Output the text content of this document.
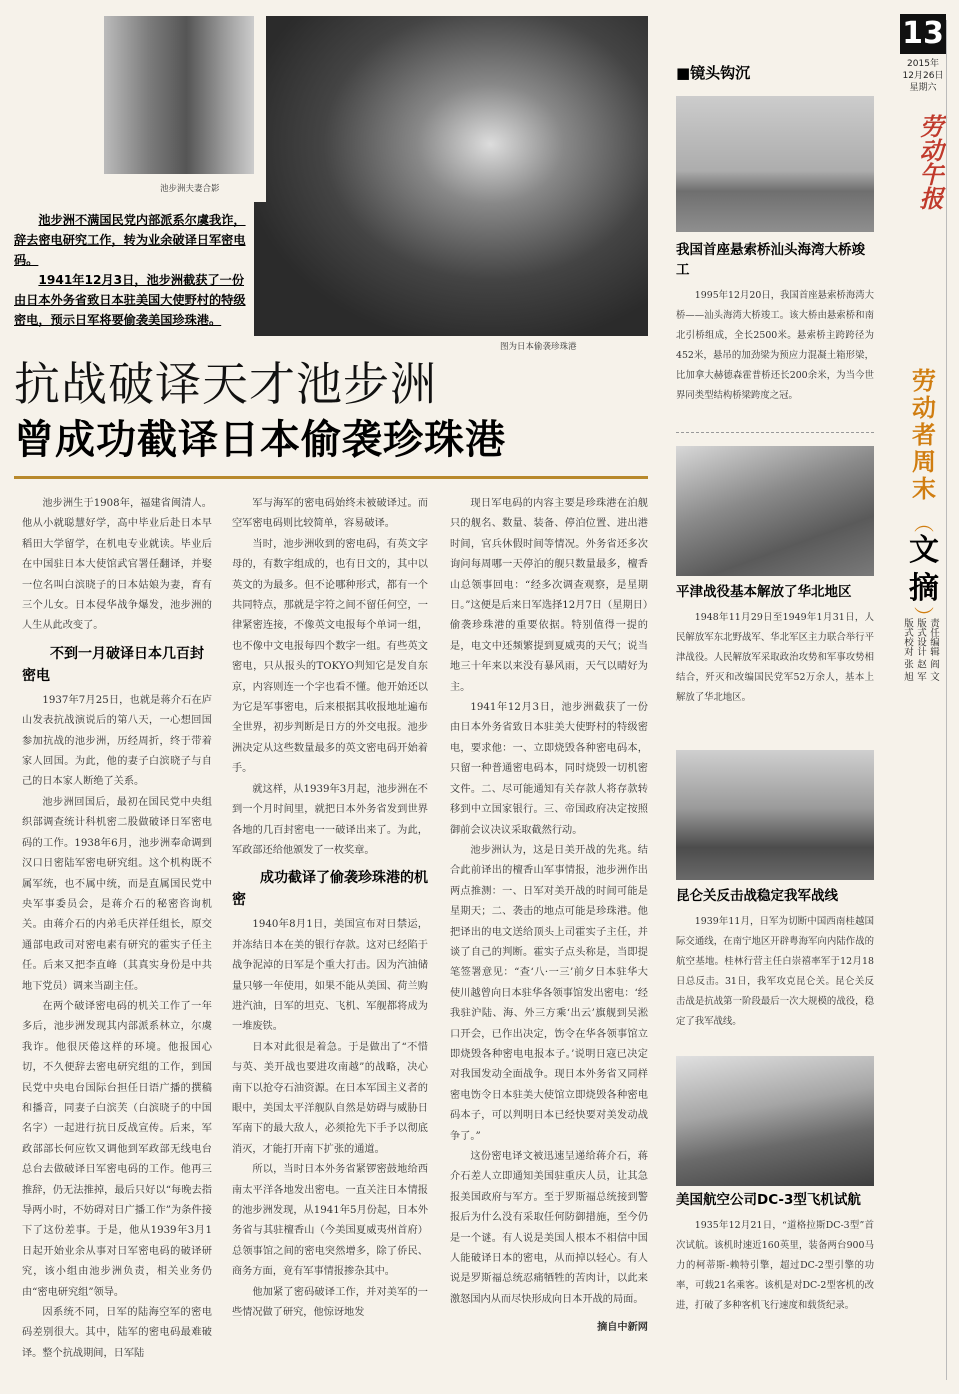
图为日本偷袭珍珠港
池步洲夫妻合影

池步洲不满国民党内部派系尔虞我诈，辞去密电研究工作，转为业余破译日军密电码。

1941年12月3日，池步洲截获了一份由日本外务省致日本驻美国大使野村的特级密电，预示日军将要偷袭美国珍珠港。

抗战破译天才池步洲
曾成功截译日本偷袭珍珠港

池步洲生于1908年，福建省闽清人。他从小就聪慧好学，高中毕业后赴日本早稻田大学留学，在机电专业就读。毕业后在中国驻日本大使馆武官署任翻译，并娶一位名叫白滨晓子的日本姑娘为妻，育有三个儿女。日本侵华战争爆发，池步洲的人生从此改变了。

不到一月破译日本几百封密电

1937年7月25日，也就是蒋介石在庐山发表抗战演说后的第八天，一心想回国参加抗战的池步洲，历经周折，终于带着家人回国。为此，他的妻子白滨晓子与自己的日本家人断绝了关系。

池步洲回国后，最初在国民党中央组织部调查统计科机密二股做破译日军密电码的工作。1938年6月，池步洲奉命调到汉口日密陆军密电研究组。这个机构既不属军统，也不属中统，而是直属国民党中央军事委员会，是蒋介石的秘密咨询机关。由蒋介石的内弟毛庆祥任组长，原交通部电政司对密电素有研究的霍实子任主任。后来又把李直峰（其真实身份是中共地下党员）调来当副主任。

在两个破译密电码的机关工作了一年多后，池步洲发现其内部派系林立，尔虞我诈。他很厌倦这样的环境。他报国心切，不久便辞去密电研究组的工作，到国民党中央电台国际台担任日语广播的撰稿和播音，同妻子白滨芙（白滨晓子的中国名字）一起进行抗日反战宣传。后来，军政部部长何应钦又调他到军政部无线电台总台去做破译日军密电码的工作。他再三推辞，仍无法推掉，最后只好以“每晚去指导两小时，不妨碍对日广播工作”为条件接下了这份差事。于是，他从1939年3月1日起开始业余从事对日军密电码的破译研究，该小组由池步洲负责，相关业务仍由“密电研究组”领导。

因系统不同，日军的陆海空军的密电码差别很大。其中，陆军的密电码最难破译。整个抗战期间，日军陆

军与海军的密电码始终未被破译过。而空军密电码则比较简单，容易破译。

当时，池步洲收到的密电码，有英文字母的，有数字组成的，也有日文的，其中以英文的为最多。但不论哪种形式，都有一个共同特点，那就是字符之间不留任何空，一律紧密连接，不像英文电报每个单词一组，也不像中文电报每四个数字一组。有些英文密电，只从报头的TOKYO判知它是发自东京，内容则连一个字也看不懂。他开始还以为它是军事密电，后来根据其收报地址遍布全世界，初步判断是日方的外交电报。池步洲决定从这些数量最多的英文密电码开始着手。

就这样，从1939年3月起，池步洲在不到一个月时间里，就把日本外务省发到世界各地的几百封密电一一破译出来了。为此，军政部还给他颁发了一枚奖章。

成功截译了偷袭珍珠港的机密

1940年8月1日，美国宣布对日禁运，并冻结日本在美的银行存款。这对已经陷于战争泥淖的日军是个重大打击。因为汽油储量只够一年使用，如果不能从美国、荷兰购进汽油，日军的坦克、飞机、军舰都将成为一堆废铁。

日本对此很是着急。于是做出了“不惜与英、美开战也要进攻南越”的战略，决心南下以抢夺石油资源。在日本军国主义者的眼中，美国太平洋舰队自然是妨碍与威胁日军南下的最大敌人，必须抢先下手予以彻底消灭，才能打开南下扩张的通道。

所以，当时日本外务省紧锣密鼓地给西南太平洋各地发出密电。一直关注日本情报的池步洲发现，从1941年5月份起，日本外务省与其驻檀香山（今美国夏威夷州首府）总领事馆之间的密电突然增多，除了侨民、商务方面，竟有军事情报掺杂其中。

他加紧了密码破译工作，并对美军的一些情况做了研究，他惊讶地发

现日军电码的内容主要是珍珠港在泊舰只的舰名、数量、装备、停泊位置、进出港时间，官兵休假时间等情况。外务省还多次询问每周哪一天停泊的舰只数量最多，檀香山总领事回电：“经多次调查观察，是星期日。”这便是后来日军选择12月7日（星期日）偷袭珍珠港的重要依据。特别值得一提的是，电文中还频繁提到夏威夷的天气；说当地三十年来以来没有暴风雨，天气以晴好为主。

1941年12月3日，池步洲截获了一份由日本外务省致日本驻美大使野村的特级密电，要求他：一、立即烧毁各种密电码本，只留一种普通密电码本，同时烧毁一切机密文件。二、尽可能通知有关存款人将存款转移到中立国家银行。三、帝国政府决定按照御前会议决议采取截然行动。

池步洲认为，这是日美开战的先兆。结合此前译出的檀香山军事情报，池步洲作出两点推测：一、日军对美开战的时间可能是星期天；二、袭击的地点可能是珍珠港。他把译出的电文送给顶头上司霍实子主任，并谈了自己的判断。霍实子点头称是，当即提笔签署意见：“查‘八·一三’前夕日本驻华大使川越曾向日本驻华各领事馆发出密电：‘经我驻沪陆、海、外三方乘‘出云’旗舰到吴淞口开会，已作出决定，饬令在华各领事馆立即烧毁各种密电电报本子。’说明日寇已决定对我国发动全面战争。现日本外务省又同样密电饬令日本驻美大使馆立即烧毁各种密电码本子，可以判明日本已经快要对美发动战争了。”

这份密电译文被迅速呈递给蒋介石，蒋介石差人立即通知美国驻重庆人员，让其急报美国政府与军方。至于罗斯福总统接到警报后为什么没有采取任何防御措施，至今仍是一个谜。有人说是美国人根本不相信中国人能破译日本的密电，从而掉以轻心。有人说是罗斯福总统忍痛牺牲的苦肉计，以此来激怒国内从而尽快形成向日本开战的局面。

摘自中新网

■镜头钩沉
我国首座悬索桥汕头海湾大桥竣工

1995年12月20日，我国首座悬索桥海湾大桥——汕头海湾大桥竣工。该大桥由悬索桥和南北引桥组成，全长2500米。悬索桥主跨跨径为452米，悬吊的加劲梁为预应力混凝土箱形梁，比加拿大赫德森霍普桥还长200余米，为当今世界同类型结构桥梁跨度之冠。

平津战役基本解放了华北地区

1948年11月29日至1949年1月31日，人民解放军东北野战军、华北军区主力联合举行平津战役。人民解放军采取政治攻势和军事攻势相结合，歼灭和改编国民党军52万余人，基本上解放了华北地区。

昆仑关反击战稳定我军战线

1939年11月，日军为切断中国西南桂越国际交通线，在南宁地区开辟粤海军向内陆作战的航空基地。桂林行营主任白崇禧率军于12月18日总反击。31日，我军攻克昆仑关。昆仑关反击战是抗战第一阶段最后一次大规模的战役，稳定了我军战线。

美国航空公司DC-3型飞机试航

1935年12月21日，“道格拉斯DC-3型”首次试航。该机时速近160英里，装备两台900马力的柯蒂斯-赖特引擎，超过DC-2型引擎的功率，可载21名乘客。该机是对DC-2型客机的改进，打破了多种客机飞行速度和载货纪录。

13
2015年
12月26日
星期六
劳动午报
劳动者周末
︵
文摘
︶
责任编辑 阎 文
版式设计 赵 军
版式校对 张 旭
